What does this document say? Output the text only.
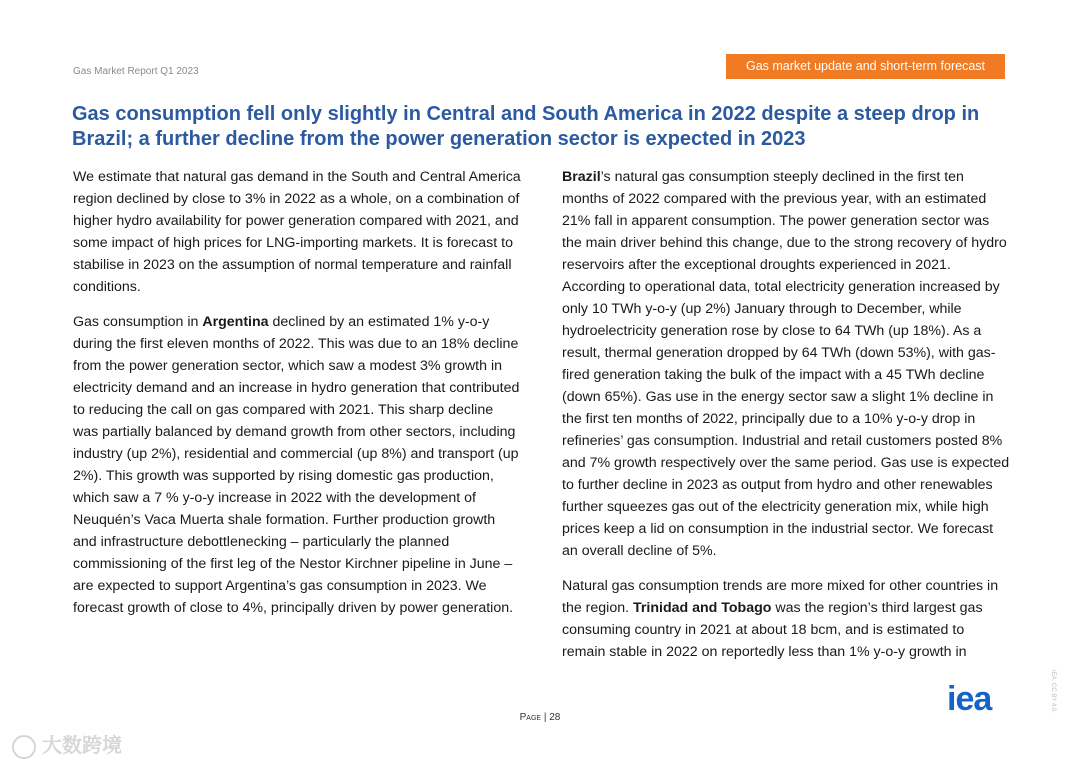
Gas Market Report Q1 2023	Gas market update and short-term forecast
Gas consumption fell only slightly in Central and South America in 2022 despite a steep drop in Brazil; a further decline from the power generation sector is expected in 2023

We estimate that natural gas demand in the South and Central America region declined by close to 3% in 2022 as a whole, on a combination of higher hydro availability for power generation compared with 2021, and some impact of high prices for LNG-importing markets. It is forecast to stabilise in 2023 on the assumption of normal temperature and rainfall conditions.

Gas consumption in Argentina declined by an estimated 1% y-o-y during the first eleven months of 2022. This was due to an 18% decline from the power generation sector, which saw a modest 3% growth in electricity demand and an increase in hydro generation that contributed to reducing the call on gas compared with 2021. This sharp decline was partially balanced by demand growth from other sectors, including industry (up 2%), residential and commercial (up 8%) and transport (up 2%). This growth was supported by rising domestic gas production, which saw a 7 % y-o-y increase in 2022 with the development of Neuquén’s Vaca Muerta shale formation. Further production growth and infrastructure debottlenecking – particularly the planned commissioning of the first leg of the Nestor Kirchner pipeline in June – are expected to support Argentina’s gas consumption in 2023. We forecast growth of close to 4%, principally driven by power generation.

Brazil’s natural gas consumption steeply declined in the first ten months of 2022 compared with the previous year, with an estimated 21% fall in apparent consumption. The power generation sector was the main driver behind this change, due to the strong recovery of hydro reservoirs after the exceptional droughts experienced in 2021. According to operational data, total electricity generation increased by only 10 TWh y-o-y (up 2%) January through to December, while hydroelectricity generation rose by close to 64 TWh (up 18%). As a result, thermal generation dropped by 64 TWh (down 53%), with gas-fired generation taking the bulk of the impact with a 45 TWh decline (down 65%). Gas use in the energy sector saw a slight 1% decline in the first ten months of 2022, principally due to a 10% y-o-y drop in refineries’ gas consumption. Industrial and retail customers posted 8% and 7% growth respectively over the same period. Gas use is expected to further decline in 2023 as output from hydro and other renewables further squeezes gas out of the electricity generation mix, while high prices keep a lid on consumption in the industrial sector. We forecast an overall decline of 5%.

Natural gas consumption trends are more mixed for other countries in the region. Trinidad and Tobago was the region’s third largest gas consuming country in 2021 at about 18 bcm, and is estimated to remain stable in 2022 on reportedly less than 1% y-o-y growth in

Page | 28	iea	IEA. CC BY 4.0.
大数跨境
